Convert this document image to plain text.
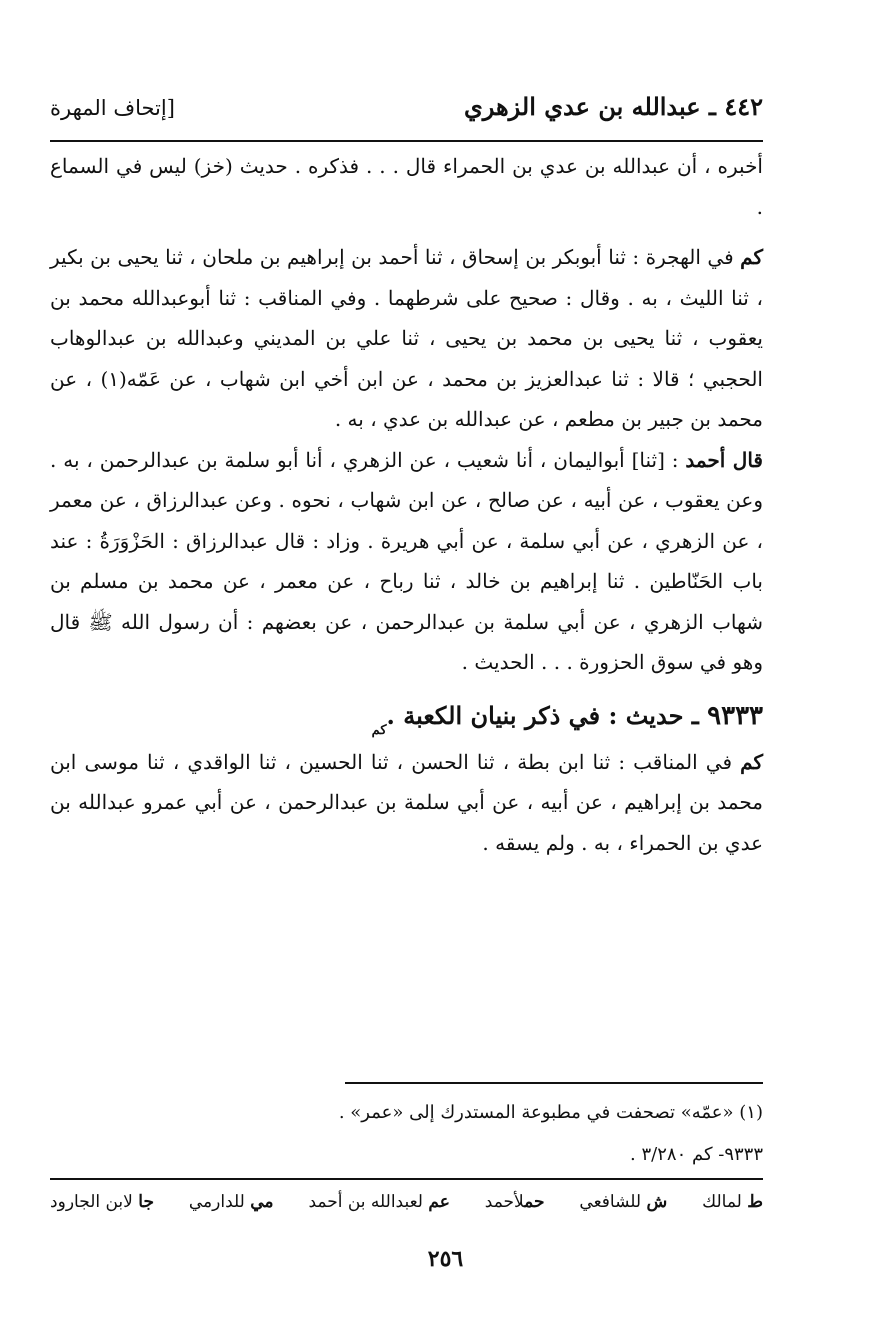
٤٤٢ ـ عبدالله بن عدي الزهري
[إتحاف المهرة

أخبره ، أن عبدالله بن عدي بن الحمراء قال . . . فذكره . حديث (خز) ليس في السماع .

كم في الهجرة : ثنا أبوبكر بن إسحاق ، ثنا أحمد بن إبراهيم بن ملحان ، ثنا يحيى بن بكير ، ثنا الليث ، به . وقال : صحيح على شرطهما . وفي المناقب : ثنا أبوعبدالله محمد بن يعقوب ، ثنا يحيى بن محمد بن يحيى ، ثنا علي بن المديني وعبدالله بن عبدالوهاب الحجبي ؛ قالا : ثنا عبدالعزيز بن محمد ، عن ابن أخي ابن شهاب ، عن عَمّه(١) ، عن محمد بن جبير بن مطعم ، عن عبدالله بن عدي ، به .

قال أحمد : [ثنا] أبواليمان ، أنا شعيب ، عن الزهري ، أنا أبو سلمة بن عبدالرحمن ، به . وعن يعقوب ، عن أبيه ، عن صالح ، عن ابن شهاب ، نحوه . وعن عبدالرزاق ، عن معمر ، عن الزهري ، عن أبي سلمة ، عن أبي هريرة . وزاد : قال عبدالرزاق : الحَزْوَرَةُ : عند باب الحَنّاطين . ثنا إبراهيم بن خالد ، ثنا رباح ، عن معمر ، عن محمد بن مسلم بن شهاب الزهري ، عن أبي سلمة بن عبدالرحمن ، عن بعضهم : أن رسول الله ﷺ قال وهو في سوق الحزورة . . . الحديث .

٩٣٣٣ ـ حديث : في ذكر بنيان الكعبة $._{كم}$

كم في المناقب : ثنا ابن بطة ، ثنا الحسن ، ثنا الحسين ، ثنا الواقدي ، ثنا موسى ابن محمد بن إبراهيم ، عن أبيه ، عن أبي سلمة بن عبدالرحمن ، عن أبي عمرو عبدالله بن عدي بن الحمراء ، به . ولم يسقه .

(١) «عمّه» تصحفت في مطبوعة المستدرك إلى «عمر» .

٩٣٣٣- كم ٣/٢٨٠ .

ط لمالك
ش للشافعي
حملأحمد
عم لعبدالله بن أحمد
مي للدارمي
جا لابن الجارود
٢٥٦
